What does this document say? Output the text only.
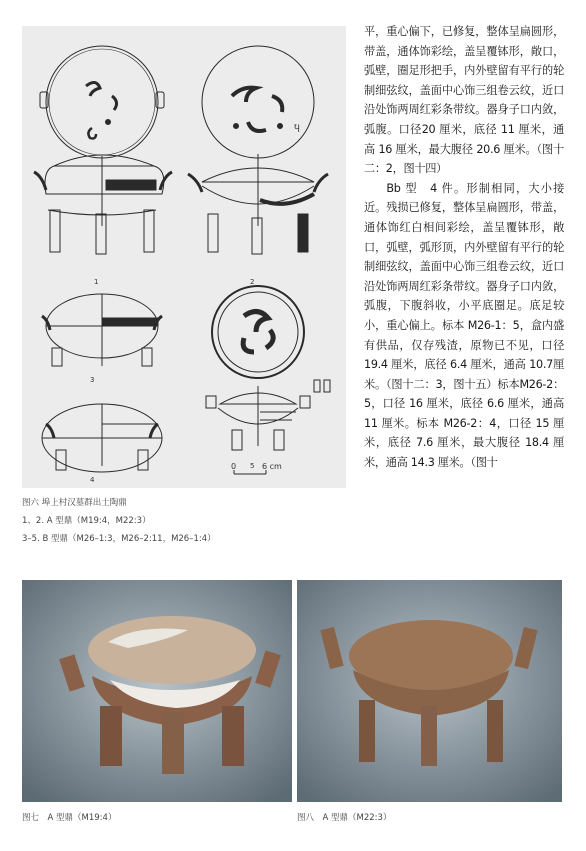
1
Ⴏ
2
3
4
5
0	6 cm
图六 埠上村汉墓群出土陶鼎
1、2. A 型鼎（M19:4，M22:3）
3–5. B 型鼎（M26–1:3，M26–2:11，M26–1:4）

平，重心偏下，已修复，整体呈扁圆形，带盖，通体饰彩绘，盖呈覆钵形，敞口，弧壁，圈足形把手，内外壁留有平行的轮制细弦纹，盖面中心饰三组卷云纹，近口沿处饰两周红彩条带纹。器身子口内敛，弧腹。口径20 厘米，底径 11 厘米，通高 16 厘米，最大腹径 20.6 厘米。（图十二：2，图十四）

Bb 型　4 件。形制相同，大小接近。残损已修复，整体呈扁圆形，带盖，通体饰红白相间彩绘，盖呈覆钵形，敞口，弧壁，弧形顶，内外壁留有平行的轮制细弦纹，盖面中心饰三组卷云纹，近口沿处饰两周红彩条带纹。器身子口内敛，弧腹，下腹斜收，小平底圈足。底足较小，重心偏上。标本 M26-1：5，盒内盛有供品，仅存残渣，原物已不见，口径19.4 厘米，底径 6.4 厘米，通高 10.7厘米。（图十二：3，图十五）标本M26-2：5，口径 16 厘米，底径 6.6 厘米，通高 11 厘米。标本 M26-2：4，口径 15 厘米，底径 7.6 厘米，最大腹径 18.4 厘米，通高 14.3 厘米。（图十

图七　A 型鼎（M19:4）	图八　A 型鼎（M22:3）
